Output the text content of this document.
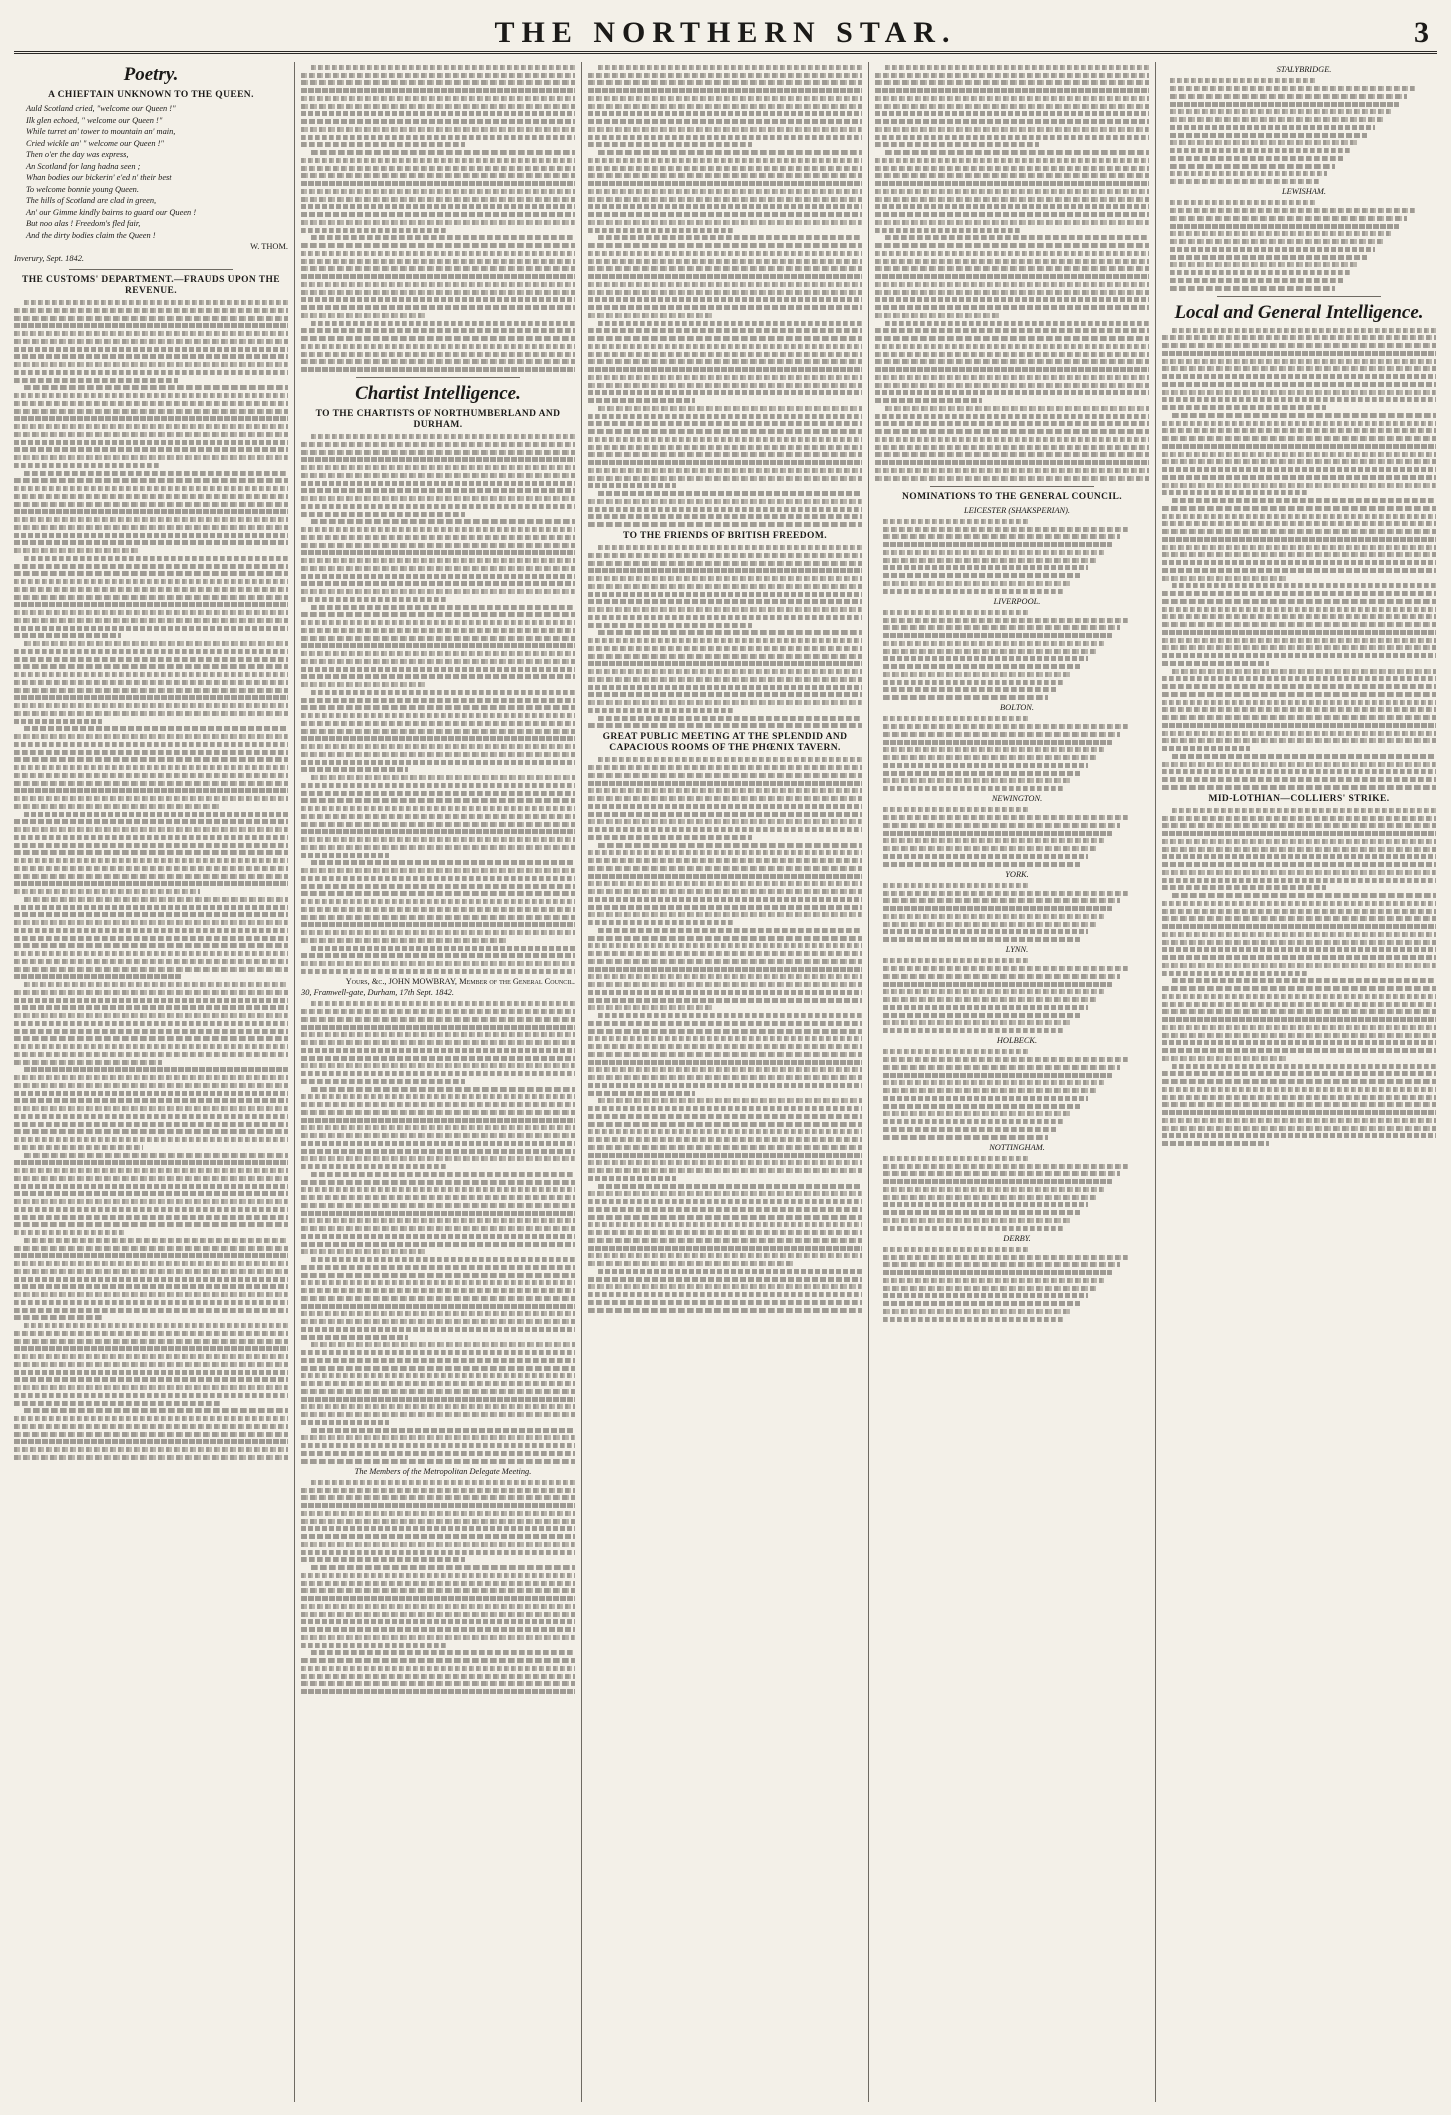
THE NORTHERN STAR.	3
Poetry.
A CHIEFTAIN UNKNOWN TO THE QUEEN.

Auld Scotland cried, "welcome our Queen !"

Ilk glen echoed, " welcome our Queen !"

While turret an' tower to mountain an' main,

Cried wickle an' " welcome our Queen !"

Then o'er the day was express,

An Scotland for lang hadna seen ;

Whan bodies our bickerin' e'ed n' their best

To welcome bonnie young Queen.

The hills of Scotland are clad in green,

An' our Gimme kindly bairns to guard our Queen !

But noo alas ! Freedom's fled fair,

And the dirty bodies claim the Queen !

W. THOM.

Inverury, Sept. 1842.

THE CUSTOMS' DEPARTMENT.—FRAUDS UPON THE REVENUE.
Chartist Intelligence.
TO THE CHARTISTS OF NORTHUMBERLAND AND DURHAM.

Yours, &c., JOHN MOWBRAY, Member of the General Council.

30, Framwell-gate, Durham, 17th Sept. 1842.

The Members of the Metropolitan Delegate Meeting.

TO THE FRIENDS OF BRITISH FREEDOM.
GREAT PUBLIC MEETING AT THE SPLENDID AND CAPACIOUS ROOMS OF THE PHŒNIX TAVERN.
NOMINATIONS TO THE GENERAL COUNCIL.

LEICESTER (SHAKSPERIAN).

LIVERPOOL.

BOLTON.

NEWINGTON.

YORK.

LYNN.

HOLBECK.

NOTTINGHAM.

DERBY.

STALYBRIDGE.

LEWISHAM.

Local and General Intelligence.
MID-LOTHIAN—COLLIERS' STRIKE.
